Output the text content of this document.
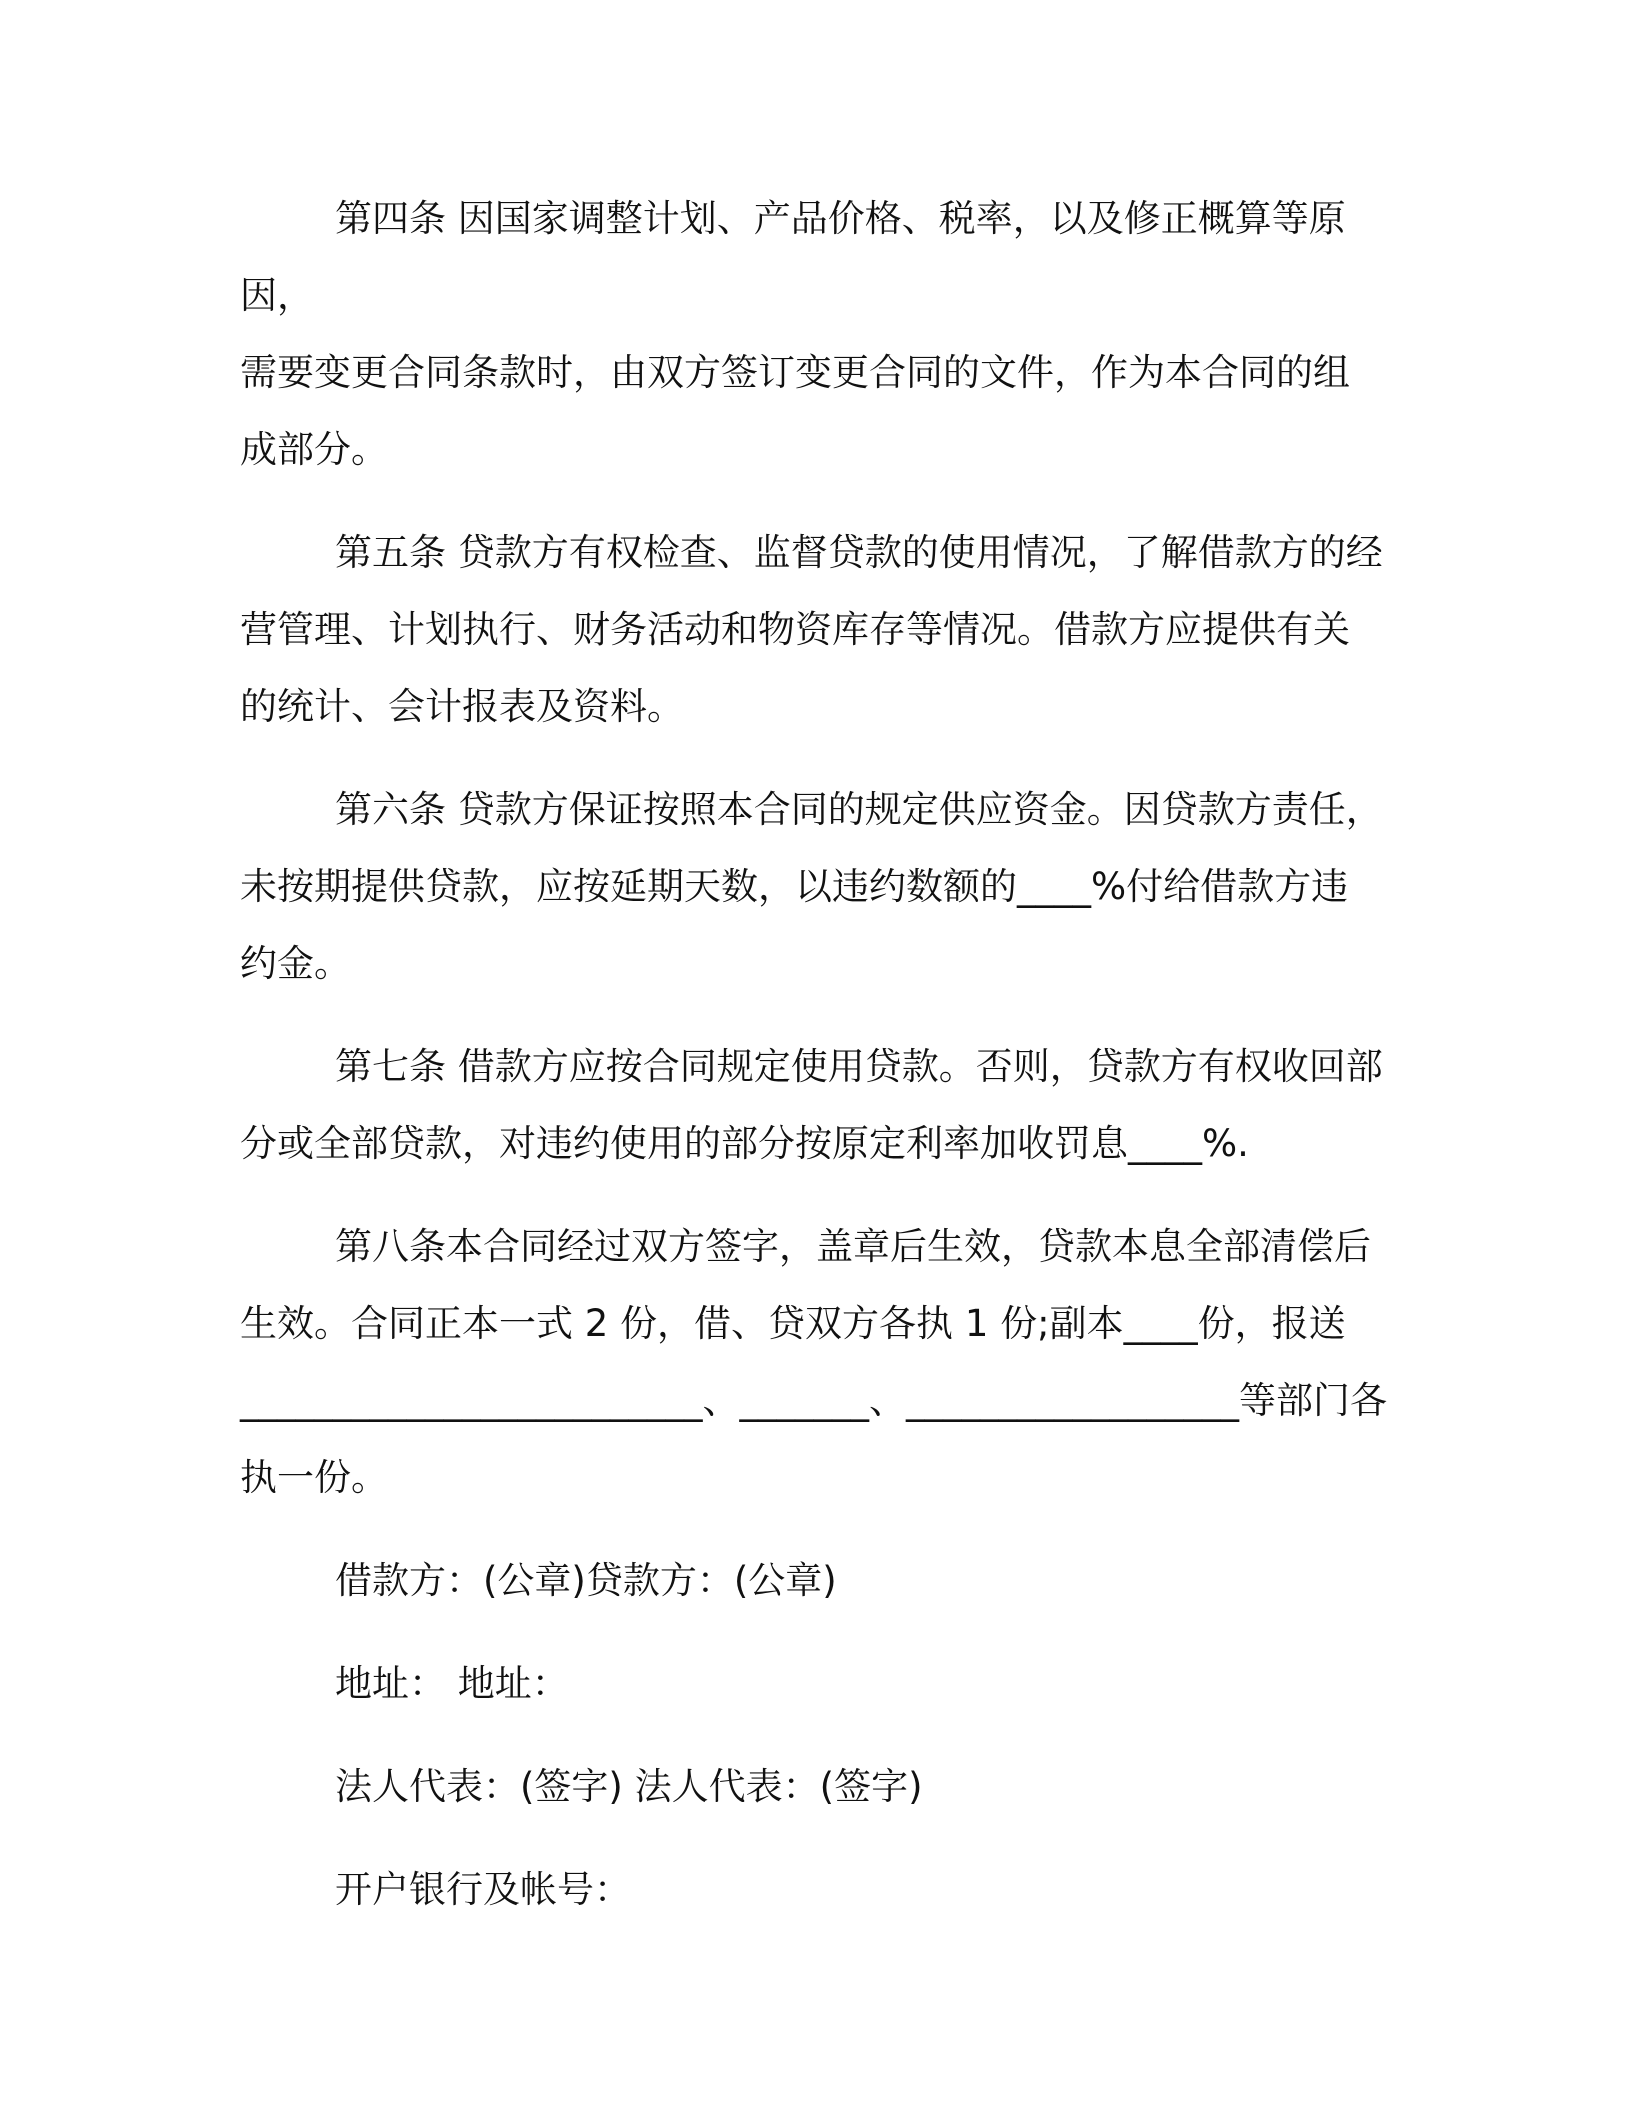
第四条 因国家调整计划、产品价格、税率，以及修正概算等原因，
需要变更合同条款时，由双方签订变更合同的文件，作为本合同的组
成部分。
第五条 贷款方有权检查、监督贷款的使用情况，了解借款方的经
营管理、计划执行、财务活动和物资库存等情况。借款方应提供有关
的统计、会计报表及资料。
第六条 贷款方保证按照本合同的规定供应资金。因贷款方责任，
未按期提供贷款，应按延期天数，以违约数额的____%付给借款方违
约金。
第七条 借款方应按合同规定使用贷款。否则，贷款方有权收回部
分或全部贷款，对违约使用的部分按原定利率加收罚息____%.
第八条本合同经过双方签字，盖章后生效，贷款本息全部清偿后
生效。合同正本一式 2 份，借、贷双方各执 1 份;副本____份，报送
_________________________、_______、__________________等部门各
执一份。

借款方：(公章)贷款方：(公章)

地址： 地址：

法人代表：(签字) 法人代表：(签字)

开户银行及帐号：
